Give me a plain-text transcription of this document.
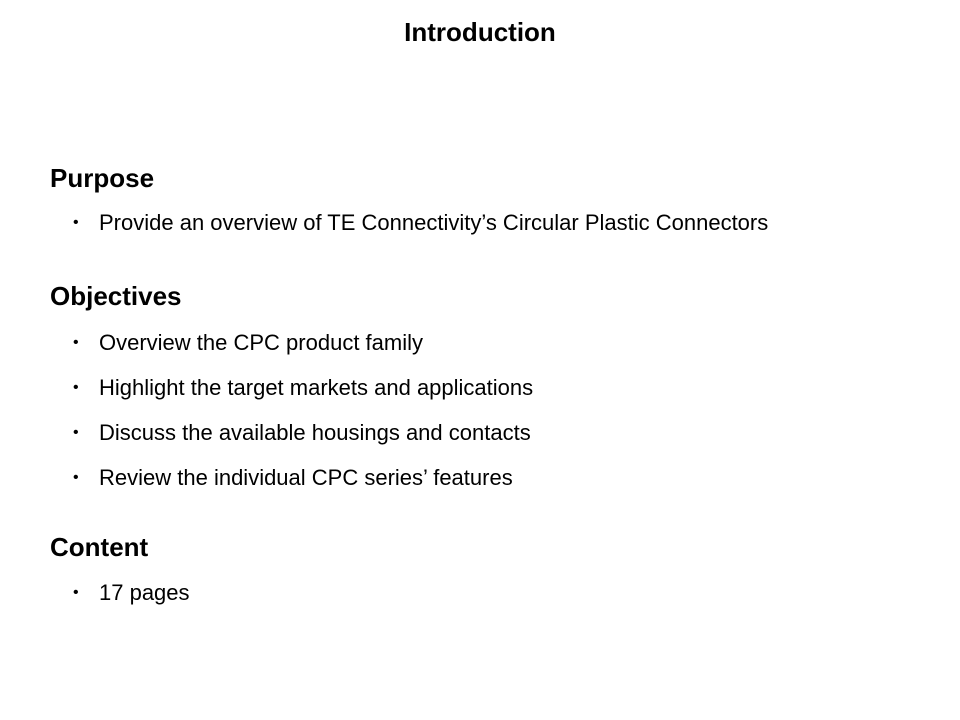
Introduction
Purpose
• Provide an overview of TE Connectivity’s Circular Plastic Connectors
Objectives
• Overview the CPC product family
• Highlight the target markets and applications
• Discuss the available housings and contacts
• Review the individual CPC series’ features
Content
• 17 pages
